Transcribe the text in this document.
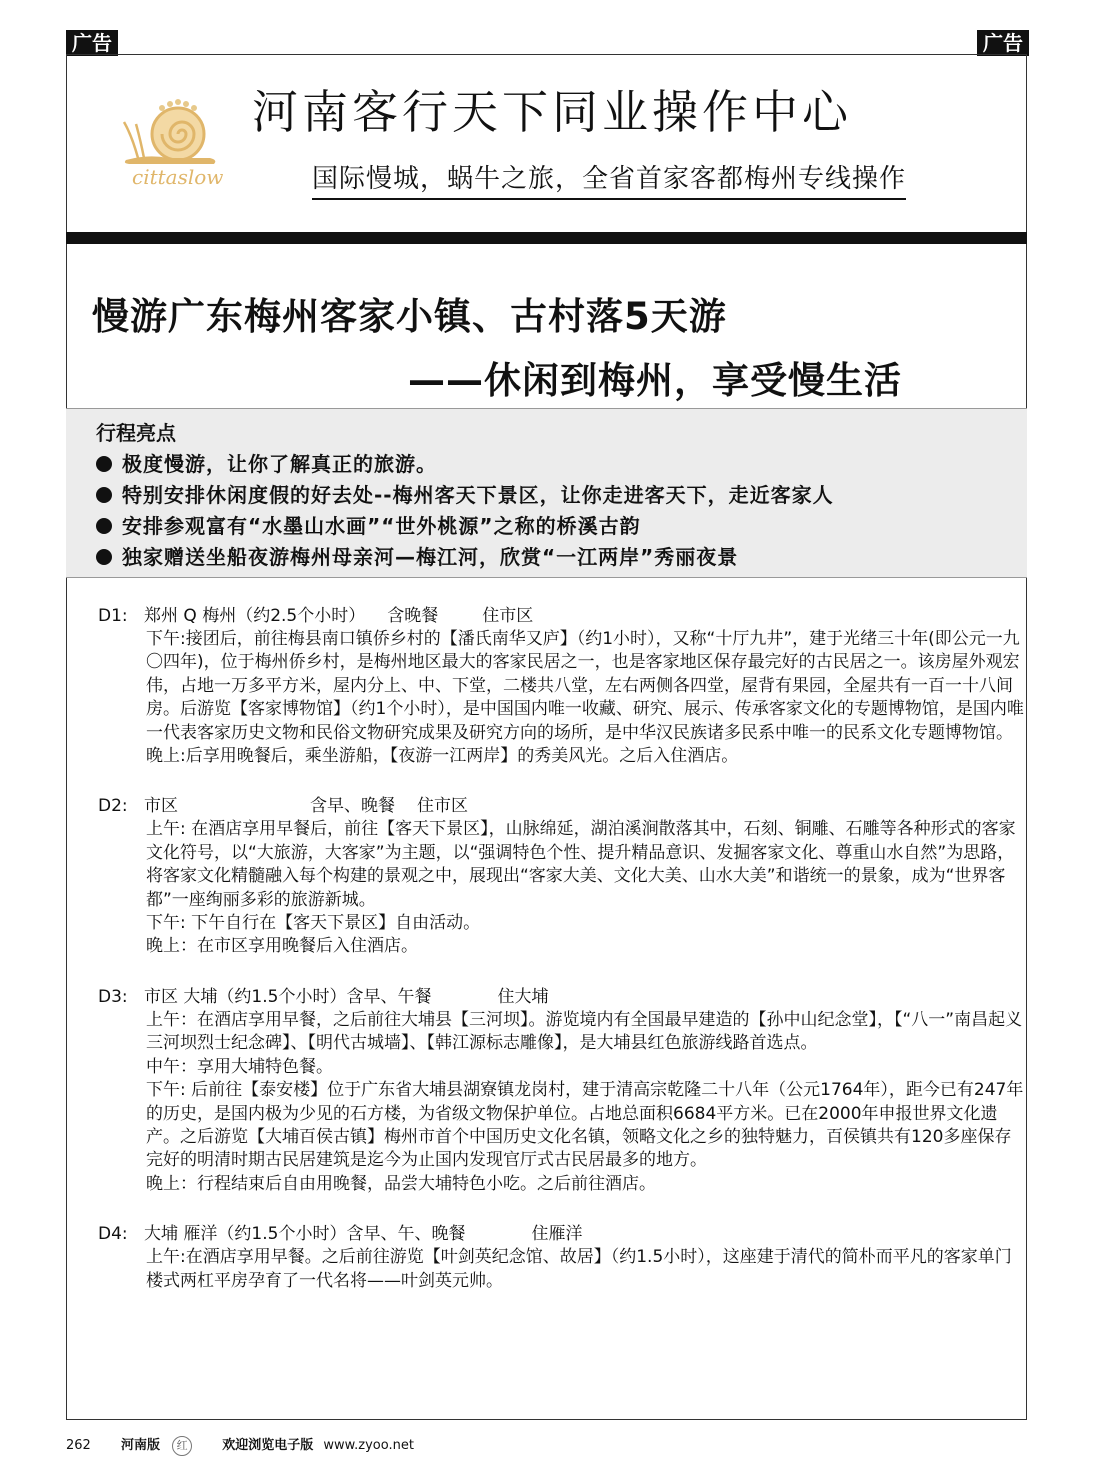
广告	广告
cittaslow
河南客行天下同业操作中心
国际慢城，蜗牛之旅，全省首家客都梅州专线操作
慢游广东梅州客家小镇、古村落5天游
——休闲到梅州，享受慢生活
行程亮点
极度慢游，让你了解真正的旅游。
特别安排休闲度假的好去处--梅州客天下景区，让你走进客天下，走近客家人
安排参观富有“水墨山水画”“世外桃源”之称的桥溪古韵
独家赠送坐船夜游梅州母亲河—梅江河，欣赏“一江两岸”秀丽夜景
D1: 郑州 Q 梅州（约2.5个小时） 含晚餐	住市区
下午:接团后，前往梅县南口镇侨乡村的【潘氏南华又庐】（约1小时），又称“十厅九井”，建于光绪三十年(即公元一九〇四年)，位于梅州侨乡村，是梅州地区最大的客家民居之一，也是客家地区保存最完好的古民居之一。该房屋外观宏伟，占地一万多平方米，屋内分上、中、下堂，二楼共八堂，左右两侧各四堂，屋背有果园，全屋共有一百一十八间房。后游览【客家博物馆】（约1个小时），是中国国内唯一收藏、研究、展示、传承客家文化的专题博物馆，是国内唯一代表客家历史文物和民俗文物研究成果及研究方向的场所，是中华汉民族诸多民系中唯一的民系文化专题博物馆。
晚上:后享用晚餐后，乘坐游船，【夜游一江两岸】的秀美风光。之后入住酒店。
D2: 市区	含早、晚餐 住市区
上午: 在酒店享用早餐后，前往【客天下景区】，山脉绵延，湖泊溪涧散落其中，石刻、铜雕、石雕等各种形式的客家文化符号，以“大旅游，大客家”为主题，以“强调特色个性、提升精品意识、发掘客家文化、尊重山水自然”为思路，将客家文化精髓融入每个构建的景观之中，展现出“客家大美、文化大美、山水大美”和谐统一的景象，成为“世界客都”一座绚丽多彩的旅游新城。
下午: 下午自行在【客天下景区】自由活动。
晚上：在市区享用晚餐后入住酒店。
D3: 市区 大埔（约1.5个小时）含早、午餐	住大埔
上午：在酒店享用早餐，之后前往大埔县【三河坝】。游览境内有全国最早建造的【孙中山纪念堂】，【“八一”南昌起义三河坝烈士纪念碑】、【明代古城墙】、【韩江源标志雕像】，是大埔县红色旅游线路首选点。
中午：享用大埔特色餐。
下午: 后前往【泰安楼】位于广东省大埔县湖寮镇龙岗村，建于清高宗乾隆二十八年（公元1764年），距今已有247年的历史，是国内极为少见的石方楼，为省级文物保护单位。占地总面积6684平方米。已在2000年申报世界文化遗产。之后游览【大埔百侯古镇】梅州市首个中国历史文化名镇，领略文化之乡的独特魅力，百侯镇共有120多座保存完好的明清时期古民居建筑是迄今为止国内发现官厅式古民居最多的地方。
晚上：行程结束后自由用晚餐，品尝大埔特色小吃。之后前往酒店。
D4: 大埔 雁洋（约1.5个小时）含早、午、晚餐	住雁洋
上午:在酒店享用早餐。之后前往游览【叶剑英纪念馆、故居】（约1.5小时），这座建于清代的简朴而平凡的客家单门楼式两杠平房孕育了一代名将——叶剑英元帅。
262 河南版 红	欢迎浏览电子版 www.zyoo.net
